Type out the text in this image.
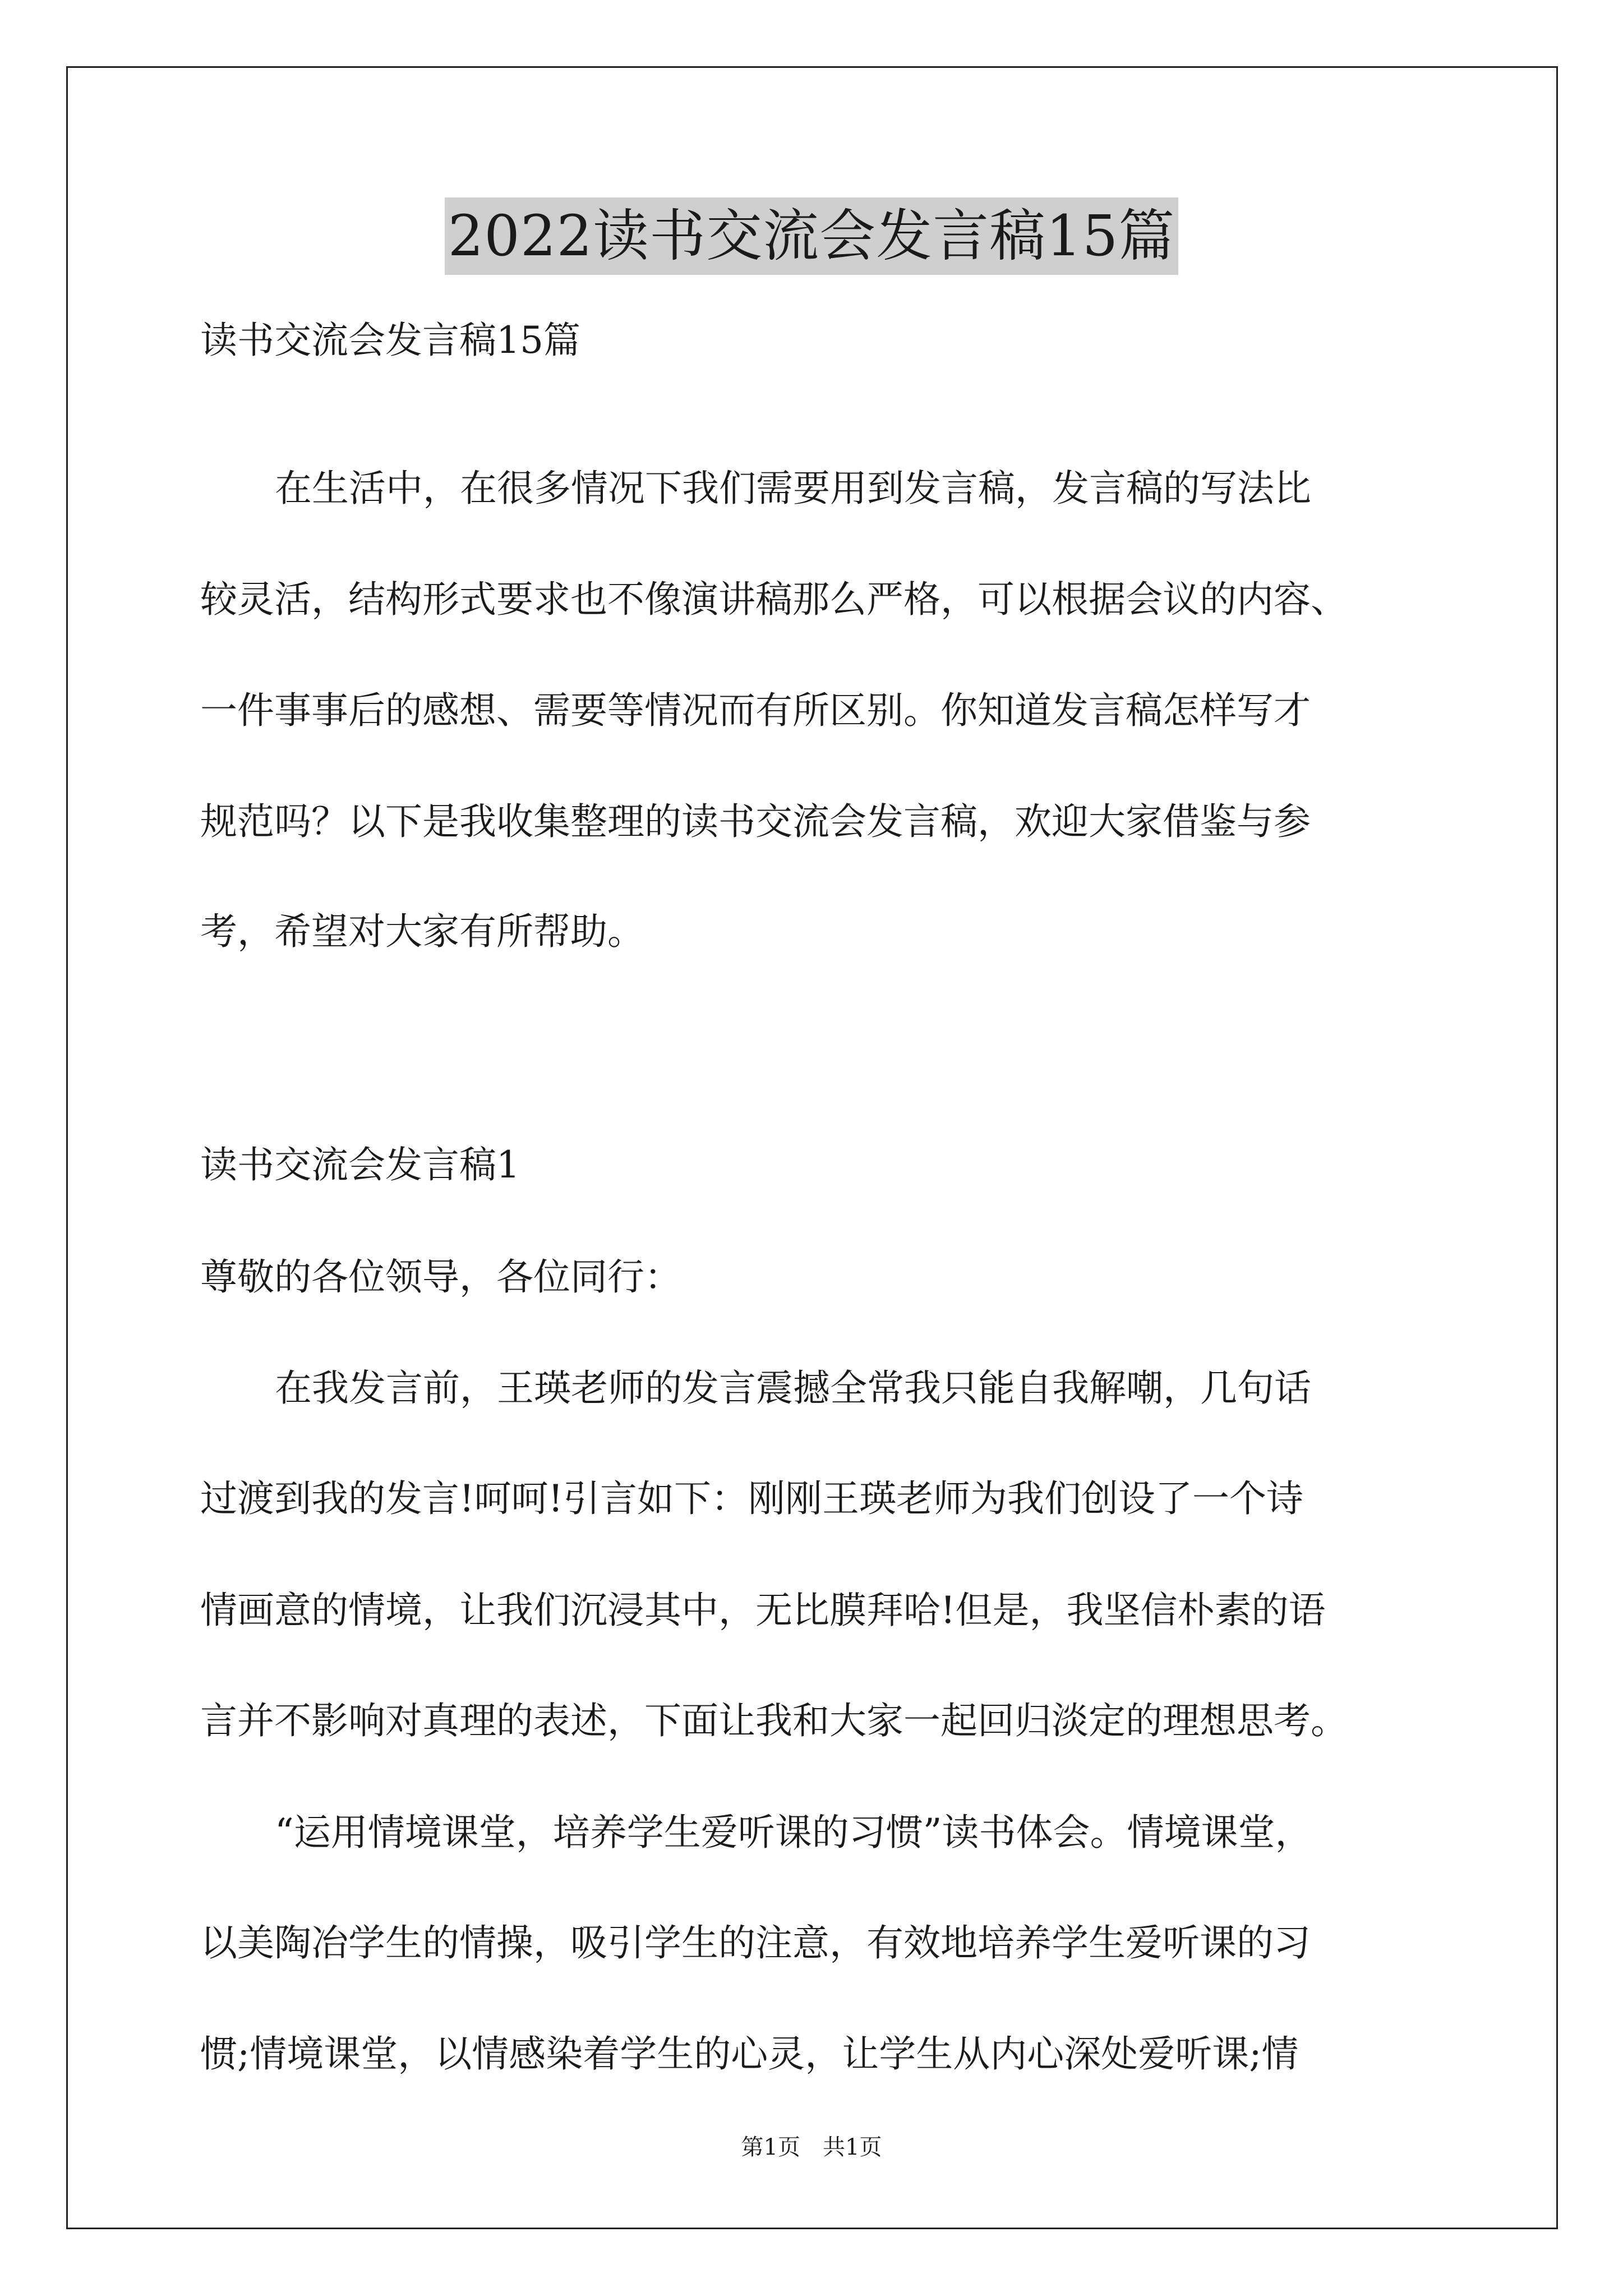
2022读书交流会发言稿15篇
读书交流会发言稿15篇
在生活中，在很多情况下我们需要用到发言稿，发言稿的写法比
较灵活，结构形式要求也不像演讲稿那么严格，可以根据会议的内容、
一件事事后的感想、需要等情况而有所区别。你知道发言稿怎样写才
规范吗？以下是我收集整理的读书交流会发言稿，欢迎大家借鉴与参
考，希望对大家有所帮助。
读书交流会发言稿1
尊敬的各位领导，各位同行：
在我发言前，王瑛老师的发言震撼全常我只能自我解嘲，几句话
过渡到我的发言!呵呵!引言如下：刚刚王瑛老师为我们创设了一个诗
情画意的情境，让我们沉浸其中，无比膜拜哈!但是，我坚信朴素的语
言并不影响对真理的表述，下面让我和大家一起回归淡定的理想思考。
“运用情境课堂，培养学生爱听课的习惯”读书体会。情境课堂，
以美陶冶学生的情操，吸引学生的注意，有效地培养学生爱听课的习
惯;情境课堂，以情感染着学生的心灵，让学生从内心深处爱听课;情
第1页　共1页
